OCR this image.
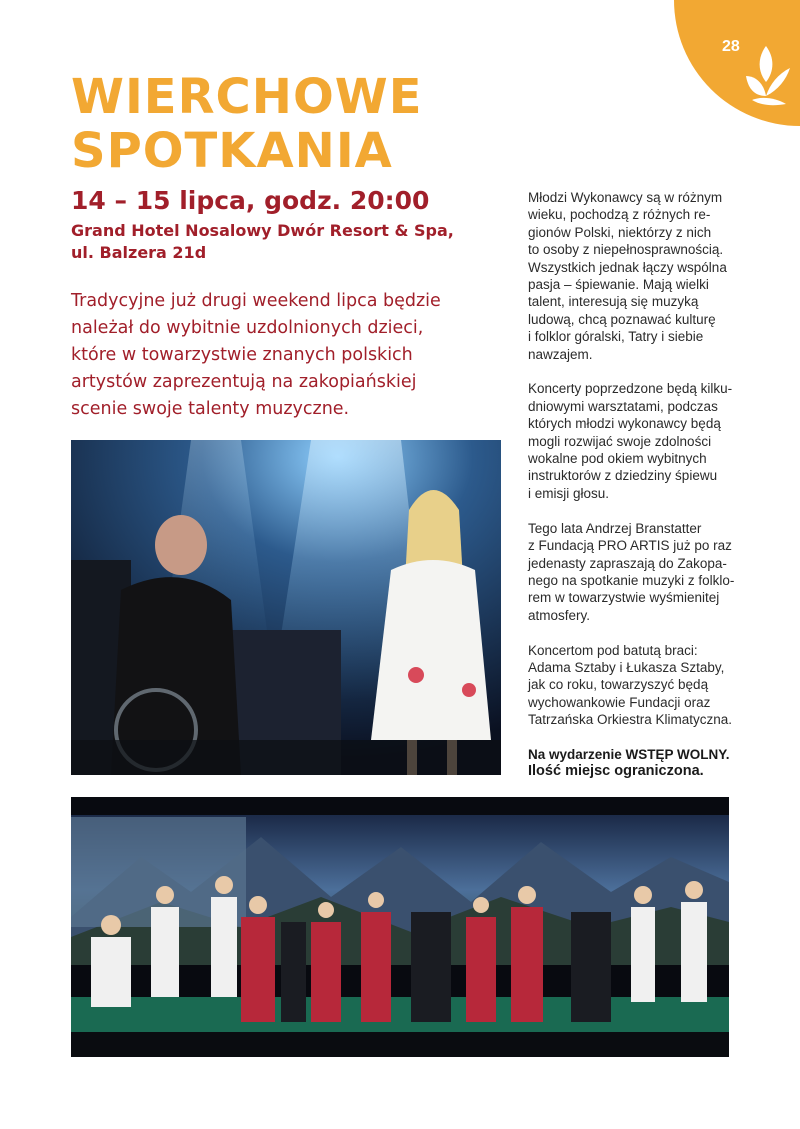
28
WIERCHOWE
SPOTKANIA
14 – 15 lipca, godz. 20:00
Grand Hotel Nosalowy Dwór Resort & Spa,
ul. Balzera 21d
Tradycyjne już drugi weekend lipca będzie
należał do wybitnie uzdolnionych dzieci,
które w towarzystwie znanych polskich
artystów zaprezentują na zakopiańskiej
scenie swoje talenty muzyczne.

Młodzi Wykonawcy są w różnym
wieku, pochodzą z różnych re-
gionów Polski, niektórzy z nich
to osoby z niepełnosprawnością.
Wszystkich jednak łączy wspólna
pasja – śpiewanie. Mają wielki
talent, interesują się muzyką
ludową, chcą poznawać kulturę
i folklor góralski, Tatry i siebie
nawzajem.

Koncerty poprzedzone będą kilku-
dniowymi warsztatami, podczas
których młodzi wykonawcy będą
mogli rozwijać swoje zdolności
wokalne pod okiem wybitnych
instruktorów z dziedziny śpiewu
i emisji głosu.

Tego lata Andrzej Branstatter
z Fundacją PRO ARTIS już po raz
jedenasty zapraszają do Zakopa-
nego na spotkanie muzyki z folklo-
rem w towarzystwie wyśmienitej
atmosfery.

Koncertom pod batutą braci:
Adama Sztaby i Łukasza Sztaby,
jak co roku, towarzyszyć będą
wychowankowie Fundacji oraz
Tatrzańska Orkiestra Klimatyczna.

Na wydarzenie WSTĘP WOLNY.
Ilość miejsc ograniczona.
